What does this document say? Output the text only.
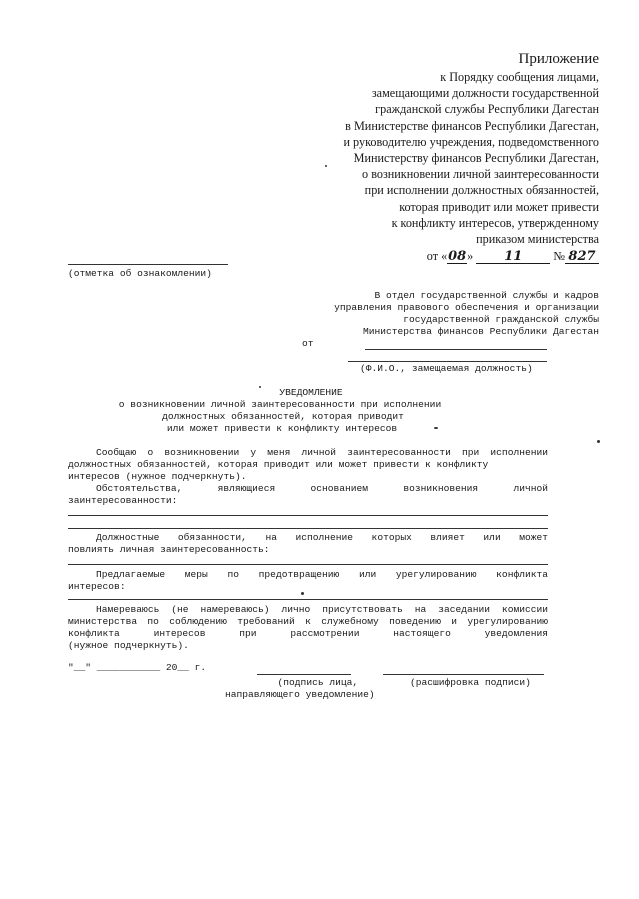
Приложение
к Порядку сообщения лицами,
замещающими должности государственной
гражданской службы Республики Дагестан
в Министерстве финансов Республики Дагестан,
и руководителю учреждения, подведомственного
Министерству финансов Республики Дагестан,
о возникновении личной заинтересованности
при исполнении должностных обязанностей,
которая приводит или может привести
к конфликту интересов, утвержденному
приказом министерства
от «08» 11	№ 827
(отметка об ознакомлении)
В отдел государственной службы и кадров
управления правового обеспечения и организации
государственной гражданской службы
Министерства финансов Республики Дагестан
от
(Ф.И.О., замещаемая должность)
УВЕДОМЛЕНИЕ
о возникновении личной заинтересованности при исполнении
должностных обязанностей, которая приводит
или может привести к конфликту интересов
Сообщаю о возникновении у меня личной заинтересованности при исполнении должностных обязанностей, которая приводит или может привести к конфликту
интересов (нужное подчеркнуть).
Обстоятельства, являющиеся основанием возникновения личной
заинтересованности:
Должностные обязанности, на исполнение которых влияет или может
повлиять личная заинтересованность:
Предлагаемые меры по предотвращению или урегулированию конфликта
интересов:
Намереваюсь (не намереваюсь) лично присутствовать на заседании комиссии министерства по соблюдению требований к служебному поведению и урегулированию конфликта интересов при рассмотрении настоящего уведомления
(нужное подчеркнуть).
"__" ___________ 20__ г.
(подпись лица,
направляющего уведомление)
(расшифровка подписи)
